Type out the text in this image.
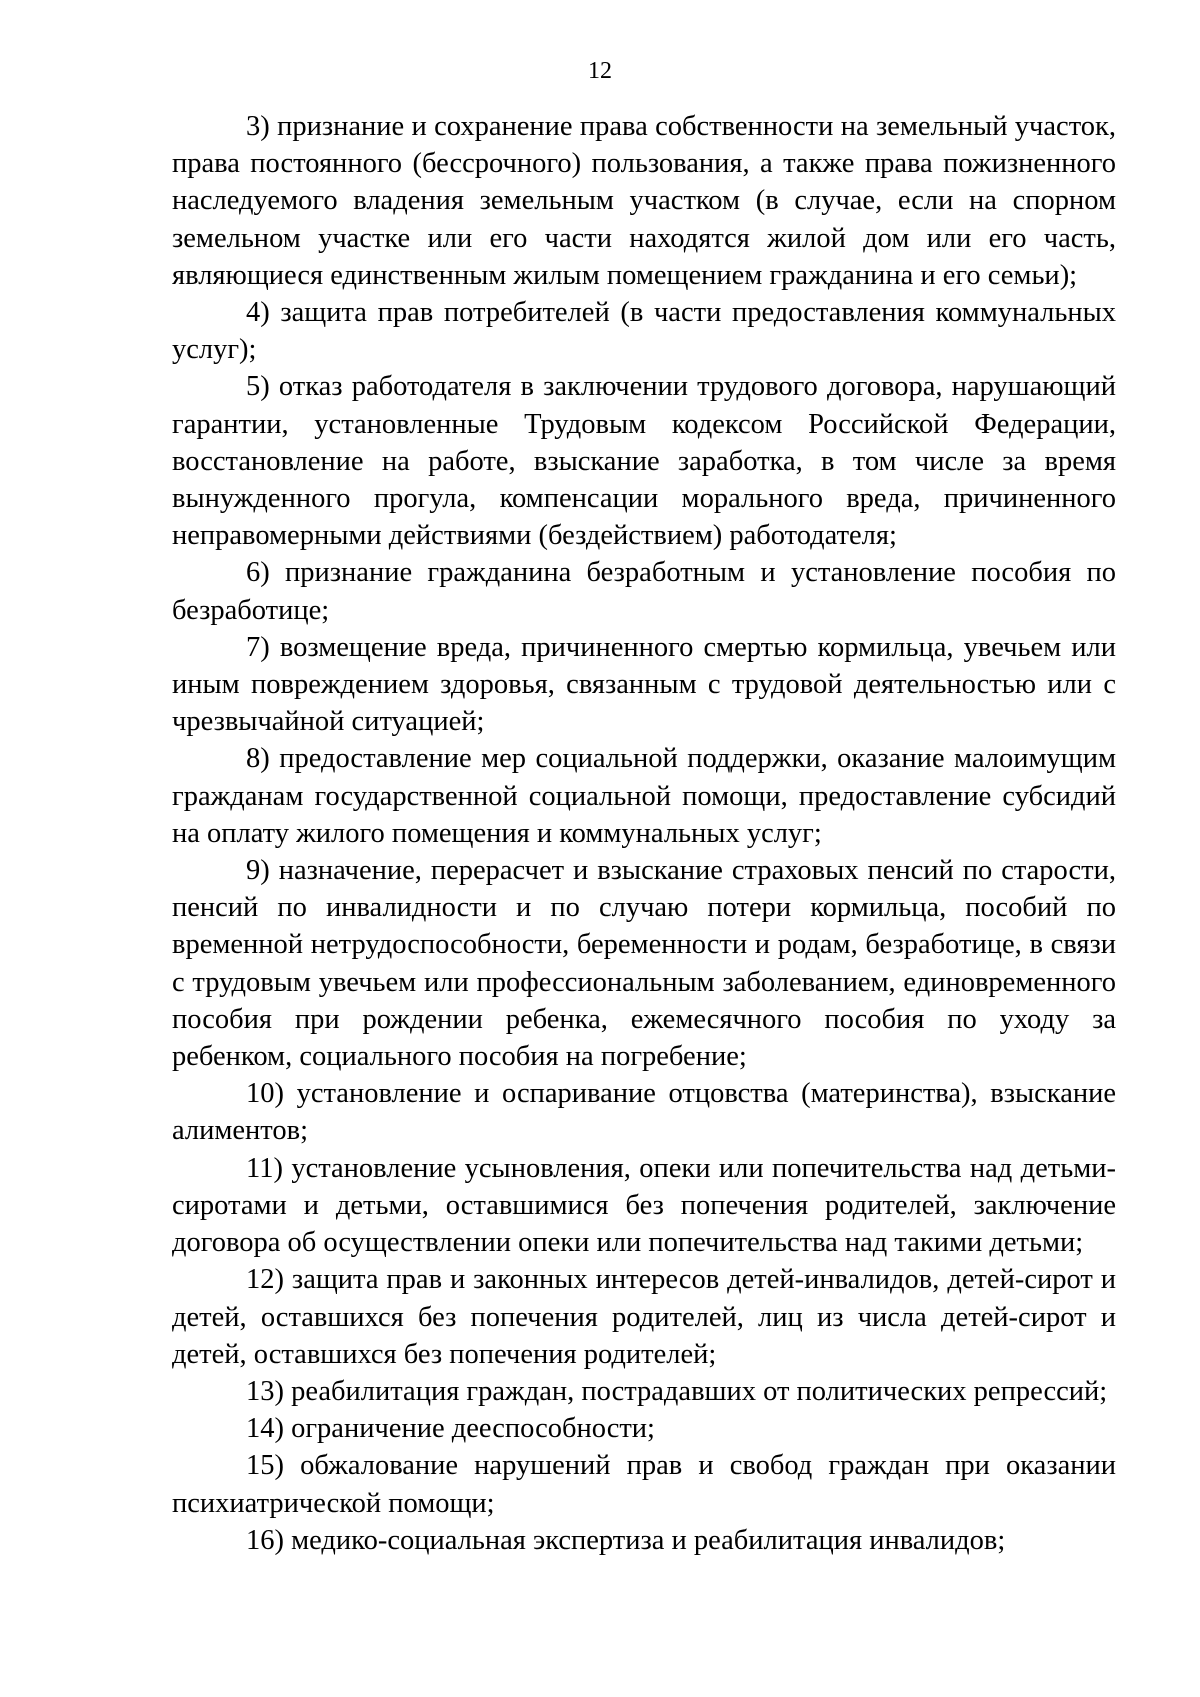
12

3) признание и сохранение права собственности на земельный участок, права постоянного (бессрочного) пользования, а также права пожизненного наследуемого владения земельным участком (в случае, если на спорном земельном участке или его части находятся жилой дом или его часть, являющиеся единственным жилым помещением гражданина и его семьи);

4) защита прав потребителей (в части предоставления коммунальных услуг);

5) отказ работодателя в заключении трудового договора, нарушающий гарантии, установленные Трудовым кодексом Российской Федерации, восстановление на работе, взыскание заработка, в том числе за время вынужденного прогула, компенсации морального вреда, причиненного неправомерными действиями (бездействием) работодателя;

6) признание гражданина безработным и установление пособия по безработице;

7) возмещение вреда, причиненного смертью кормильца, увечьем или иным повреждением здоровья, связанным с трудовой деятельностью или с чрезвычайной ситуацией;

8) предоставление мер социальной поддержки, оказание малоимущим гражданам государственной социальной помощи, предоставление субсидий на оплату жилого помещения и коммунальных услуг;

9) назначение, перерасчет и взыскание страховых пенсий по старости, пенсий по инвалидности и по случаю потери кормильца, пособий по временной нетрудоспособности, беременности и родам, безработице, в связи с трудовым увечьем или профессиональным заболеванием, единовременного пособия при рождении ребенка, ежемесячного пособия по уходу за ребенком, социального пособия на погребение;

10) установление и оспаривание отцовства (материнства), взыскание алиментов;

11) установление усыновления, опеки или попечительства над детьми-сиротами и детьми, оставшимися без попечения родителей, заключение договора об осуществлении опеки или попечительства над такими детьми;

12) защита прав и законных интересов детей-инвалидов, детей-сирот и детей, оставшихся без попечения родителей, лиц из числа детей-сирот и детей, оставшихся без попечения родителей;

13) реабилитация граждан, пострадавших от политических репрессий;

14) ограничение дееспособности;

15) обжалование нарушений прав и свобод граждан при оказании психиатрической помощи;

16) медико-социальная экспертиза и реабилитация инвалидов;
